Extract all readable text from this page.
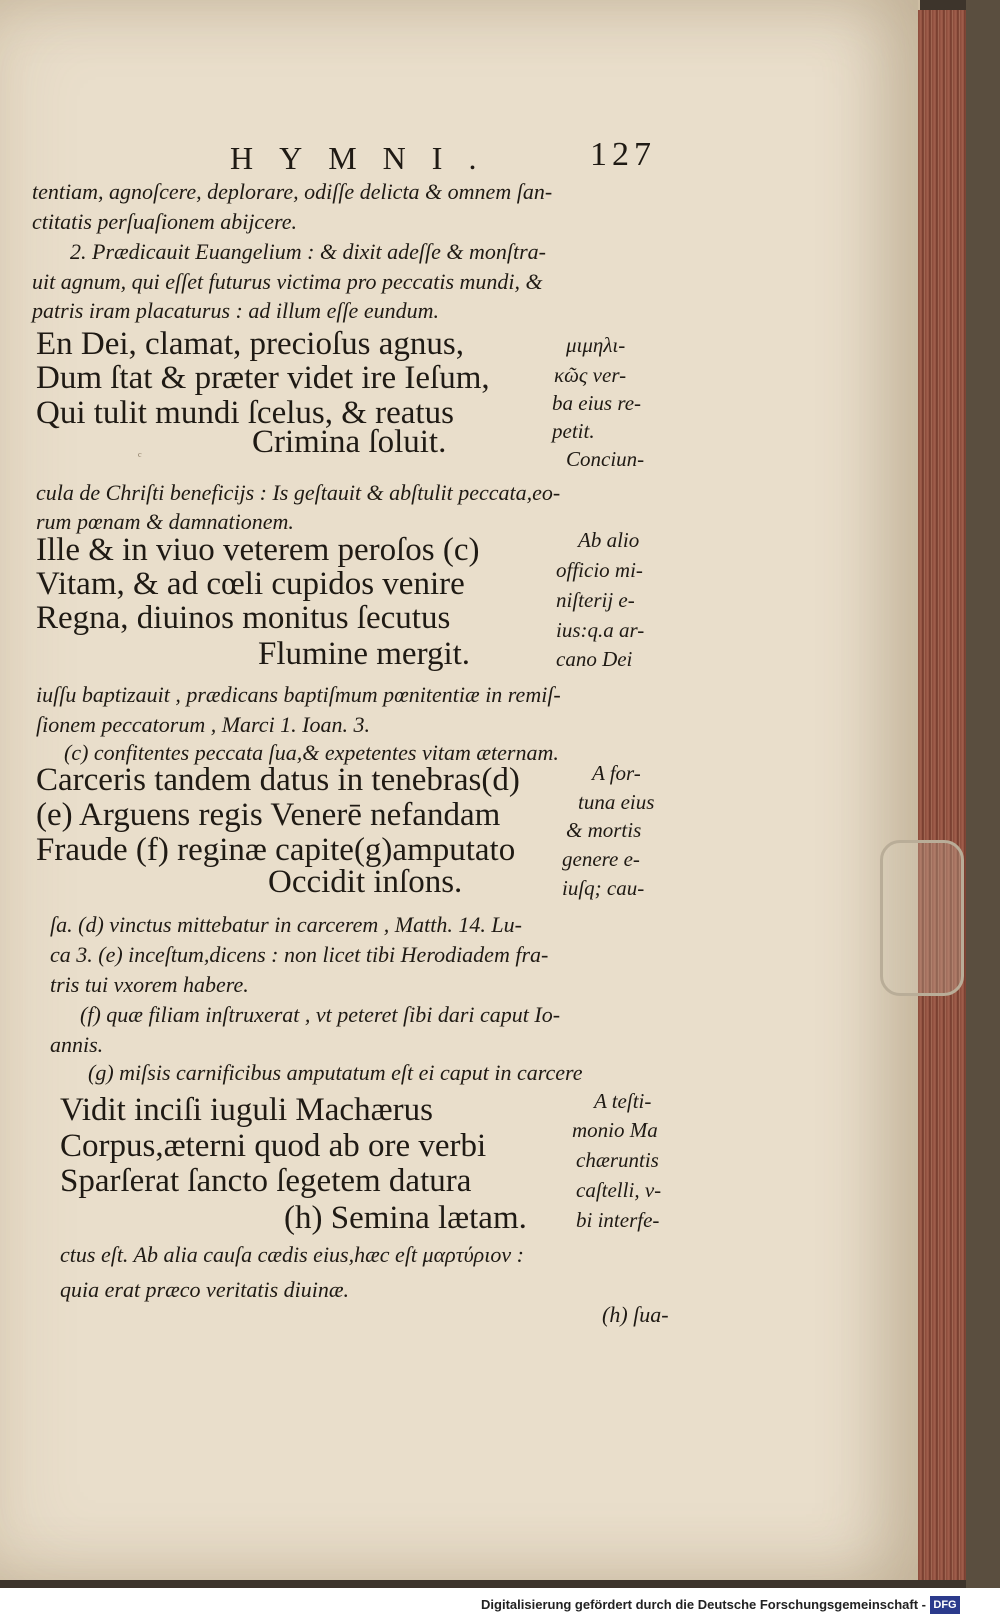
ᶜ
HYMNI.	127
tentiam, agnoſcere, deplorare, odiſſe delicta & omnem ſan-
ctitatis perſuaſionem abijcere.
2. Prædicauit Euangelium : & dixit adeſſe & monſtra-
uit agnum, qui eſſet futurus victima pro peccatis mundi, &
patris iram placaturus : ad illum eſſe eundum.
En Dei, clamat, precioſus agnus,
Dum ſtat & præter videt ire Ieſum,
Qui tulit mundi ſcelus, & reatus
Crimina ſoluit.
μιμηλι-
κῶς ver-
ba eius re-
petit.
Conciun-
cula de Chriſti beneficijs : Is geſtauit & abſtulit peccata,eo-
rum pœnam & damnationem.
Ille & in viuo veterem peroſos (c)
Vitam, & ad cœli cupidos venire
Regna, diuinos monitus ſecutus
Flumine mergit.
Ab alio
officio mi-
niſterij e-
ius:q.a ar-
cano Dei
iuſſu baptizauit , prædicans baptiſmum pœnitentiæ in remiſ-
ſionem peccatorum , Marci 1. Ioan. 3.
(c) confitentes peccata ſua,& expetentes vitam æternam.
Carceris tandem datus in tenebras(d)
(e) Arguens regis Venerē nefandam
Fraude (f) reginæ capite(g)amputato
Occidit inſons.
A for-
tuna eius
& mortis
genere e-
iuſq; cau-
ſa. (d) vinctus mittebatur in carcerem , Matth. 14. Lu-
ca 3. (e) inceſtum,dicens : non licet tibi Herodiadem fra-
tris tui vxorem habere.
(f) quæ filiam inſtruxerat , vt peteret ſibi dari caput Io-
annis.
(g) miſsis carnificibus amputatum eſt ei caput in carcere
Vidit inciſi iuguli Machærus
Corpus,æterni quod ab ore verbi
Sparſerat ſancto ſegetem datura
(h) Semina lætam.
A teſti-
monio Ma
chæruntis
caſtelli, v-
bi interfe-
ctus eſt. Ab alia cauſa cædis eius,hæc eſt μαρτύριον :
quia erat præco veritatis diuinæ.
(h) ſua-
Digitalisierung gefördert durch die Deutsche Forschungsgemeinschaft - DFG
